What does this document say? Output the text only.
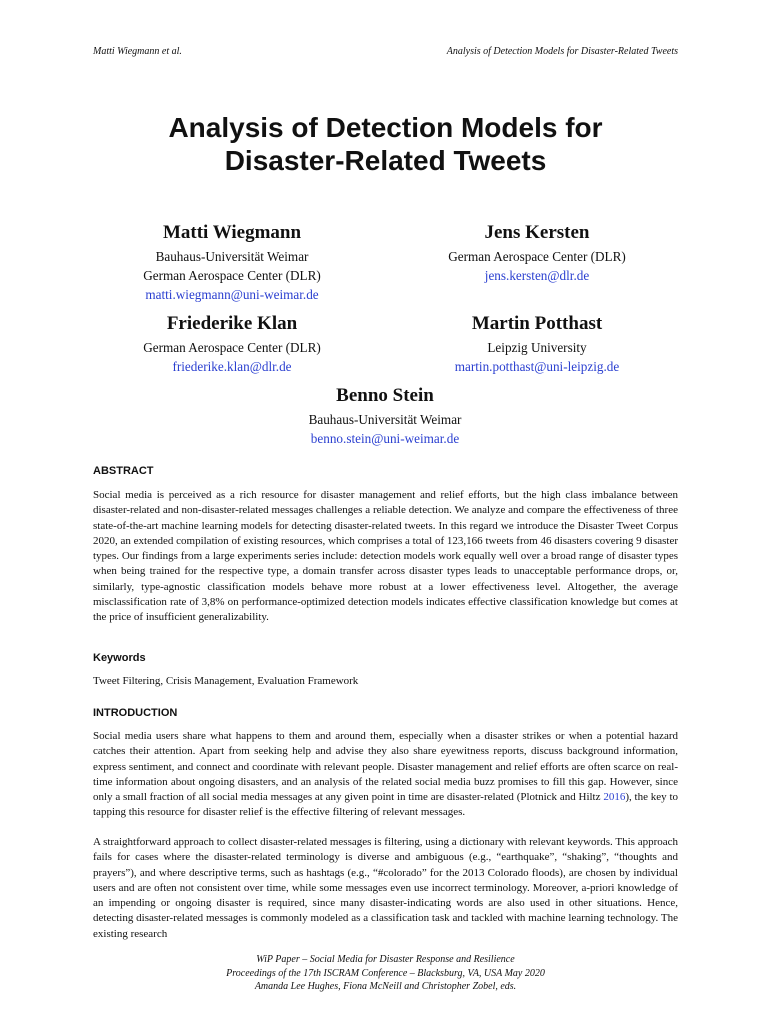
Matti Wiegmann et al.	Analysis of Detection Models for Disaster-Related Tweets
Analysis of Detection Models for
Disaster-Related Tweets
Matti Wiegmann
Bauhaus-Universität Weimar
German Aerospace Center (DLR)
matti.wiegmann@uni-weimar.de
Jens Kersten
German Aerospace Center (DLR)
jens.kersten@dlr.de
Friederike Klan
German Aerospace Center (DLR)
friederike.klan@dlr.de
Martin Potthast
Leipzig University
martin.potthast@uni-leipzig.de
Benno Stein
Bauhaus-Universität Weimar
benno.stein@uni-weimar.de
ABSTRACT

Social media is perceived as a rich resource for disaster management and relief efforts, but the high class imbalance between disaster-related and non-disaster-related messages challenges a reliable detection. We analyze and compare the effectiveness of three state-of-the-art machine learning models for detecting disaster-related tweets. In this regard we introduce the Disaster Tweet Corpus 2020, an extended compilation of existing resources, which comprises a total of 123,166 tweets from 46 disasters covering 9 disaster types. Our findings from a large experiments series include: detection models work equally well over a broad range of disaster types when being trained for the respective type, a domain transfer across disaster types leads to unacceptable performance drops, or, similarly, type-agnostic classification models behave more robust at a lower effectiveness level. Altogether, the average misclassification rate of 3,8% on performance-optimized detection models indicates effective classification knowledge but comes at the price of insufficient generalizability.

Keywords

Tweet Filtering, Crisis Management, Evaluation Framework

INTRODUCTION

Social media users share what happens to them and around them, especially when a disaster strikes or when a potential hazard catches their attention. Apart from seeking help and advise they also share eyewitness reports, discuss background information, express sentiment, and connect and coordinate with relevant people. Disaster management and relief efforts are often scarce on real-time information about ongoing disasters, and an analysis of the related social media buzz promises to fill this gap. However, since only a small fraction of all social media messages at any given point in time are disaster-related (Plotnick and Hiltz 2016), the key to tapping this resource for disaster relief is the effective filtering of relevant messages.

A straightforward approach to collect disaster-related messages is filtering, using a dictionary with relevant keywords. This approach fails for cases where the disaster-related terminology is diverse and ambiguous (e.g., “earthquake”, “shaking”, “thoughts and prayers”), and where descriptive terms, such as hashtags (e.g., “#colorado” for the 2013 Colorado floods), are chosen by individual users and are often not consistent over time, while some messages even use incorrect terminology. Moreover, a-priori knowledge of an impending or ongoing disaster is required, since many disaster-indicating words are also used in other situations. Hence, detecting disaster-related messages is commonly modeled as a classification task and tackled with machine learning technology. The existing research

WiP Paper – Social Media for Disaster Response and Resilience
Proceedings of the 17th ISCRAM Conference – Blacksburg, VA, USA May 2020
Amanda Lee Hughes, Fiona McNeill and Christopher Zobel, eds.
